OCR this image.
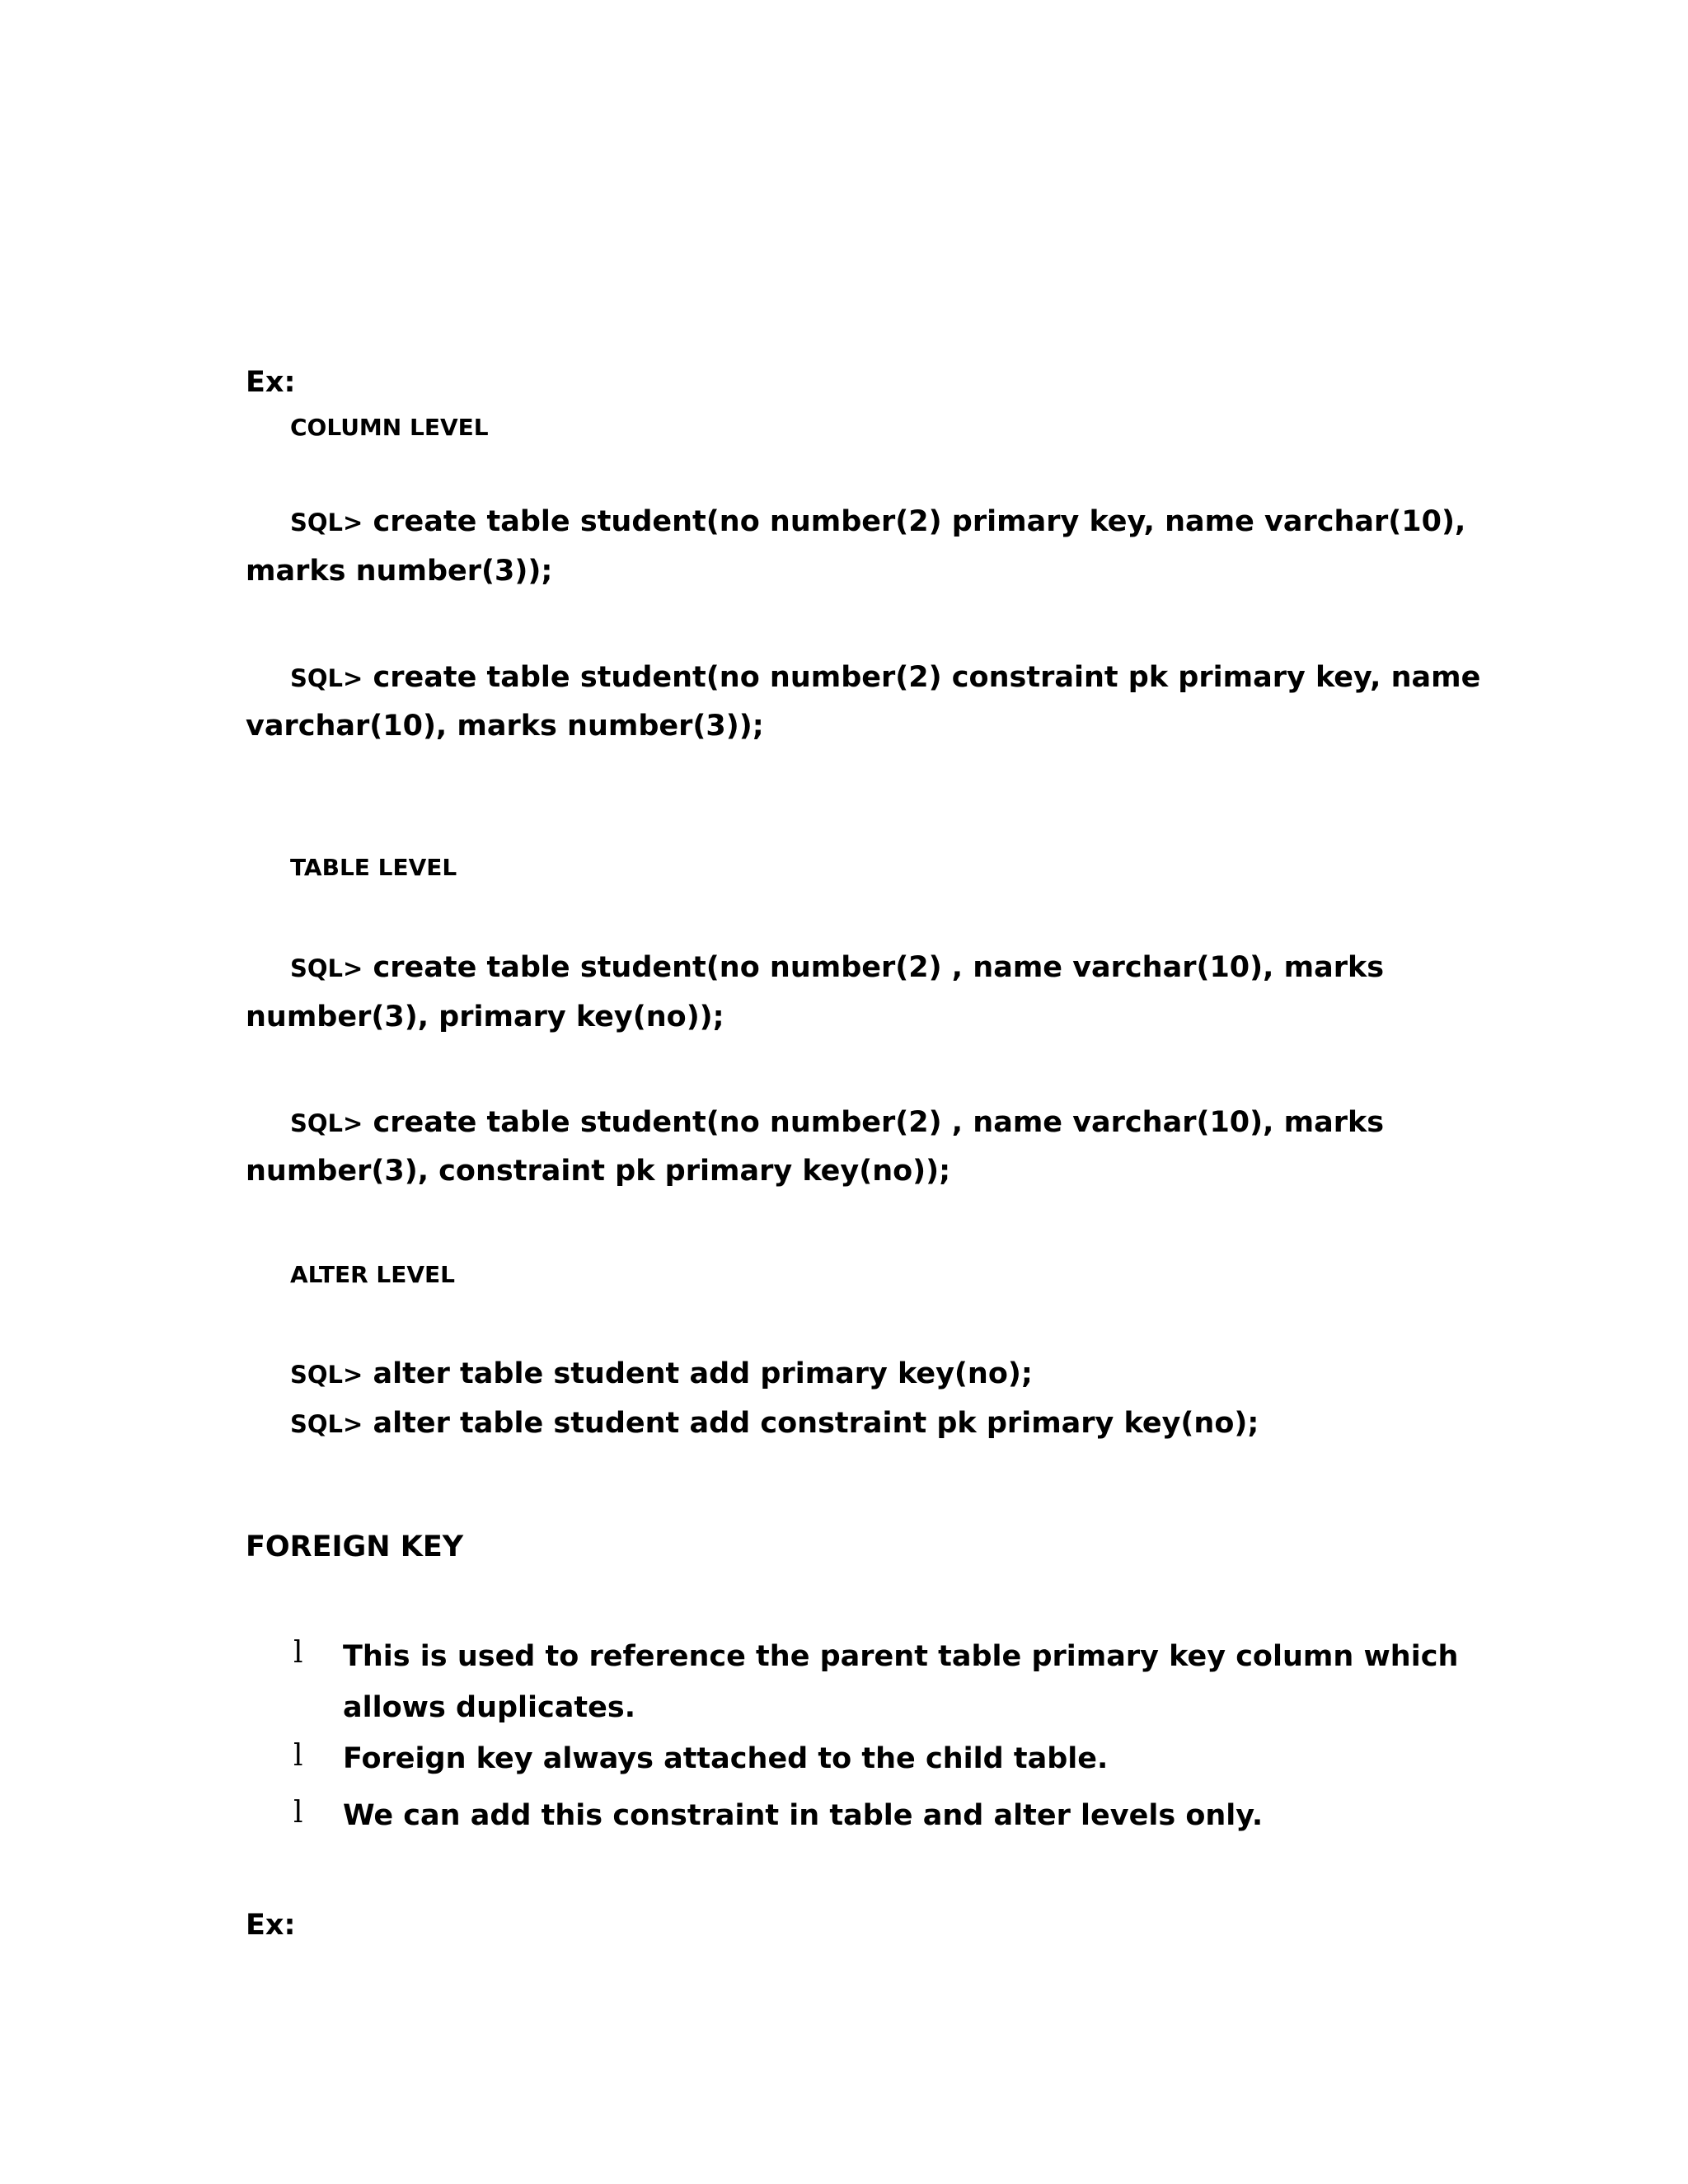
Ex:
COLUMN LEVEL
SQL> create table student(no number(2) primary key, name varchar(10),
marks number(3));
SQL> create table student(no number(2) constraint pk primary key, name
varchar(10), marks number(3));
TABLE LEVEL
SQL> create table student(no number(2) , name varchar(10), marks
number(3), primary key(no));
SQL> create table student(no number(2) , name varchar(10), marks
number(3), constraint pk primary key(no));
ALTER LEVEL
SQL> alter table student add primary key(no);
SQL> alter table student add constraint pk primary key(no);
FOREIGN KEY
l This is used to reference the parent table primary key column which
allows duplicates.
l Foreign key always attached to the child table.
l We can add this constraint in table and alter levels only.
Ex:
